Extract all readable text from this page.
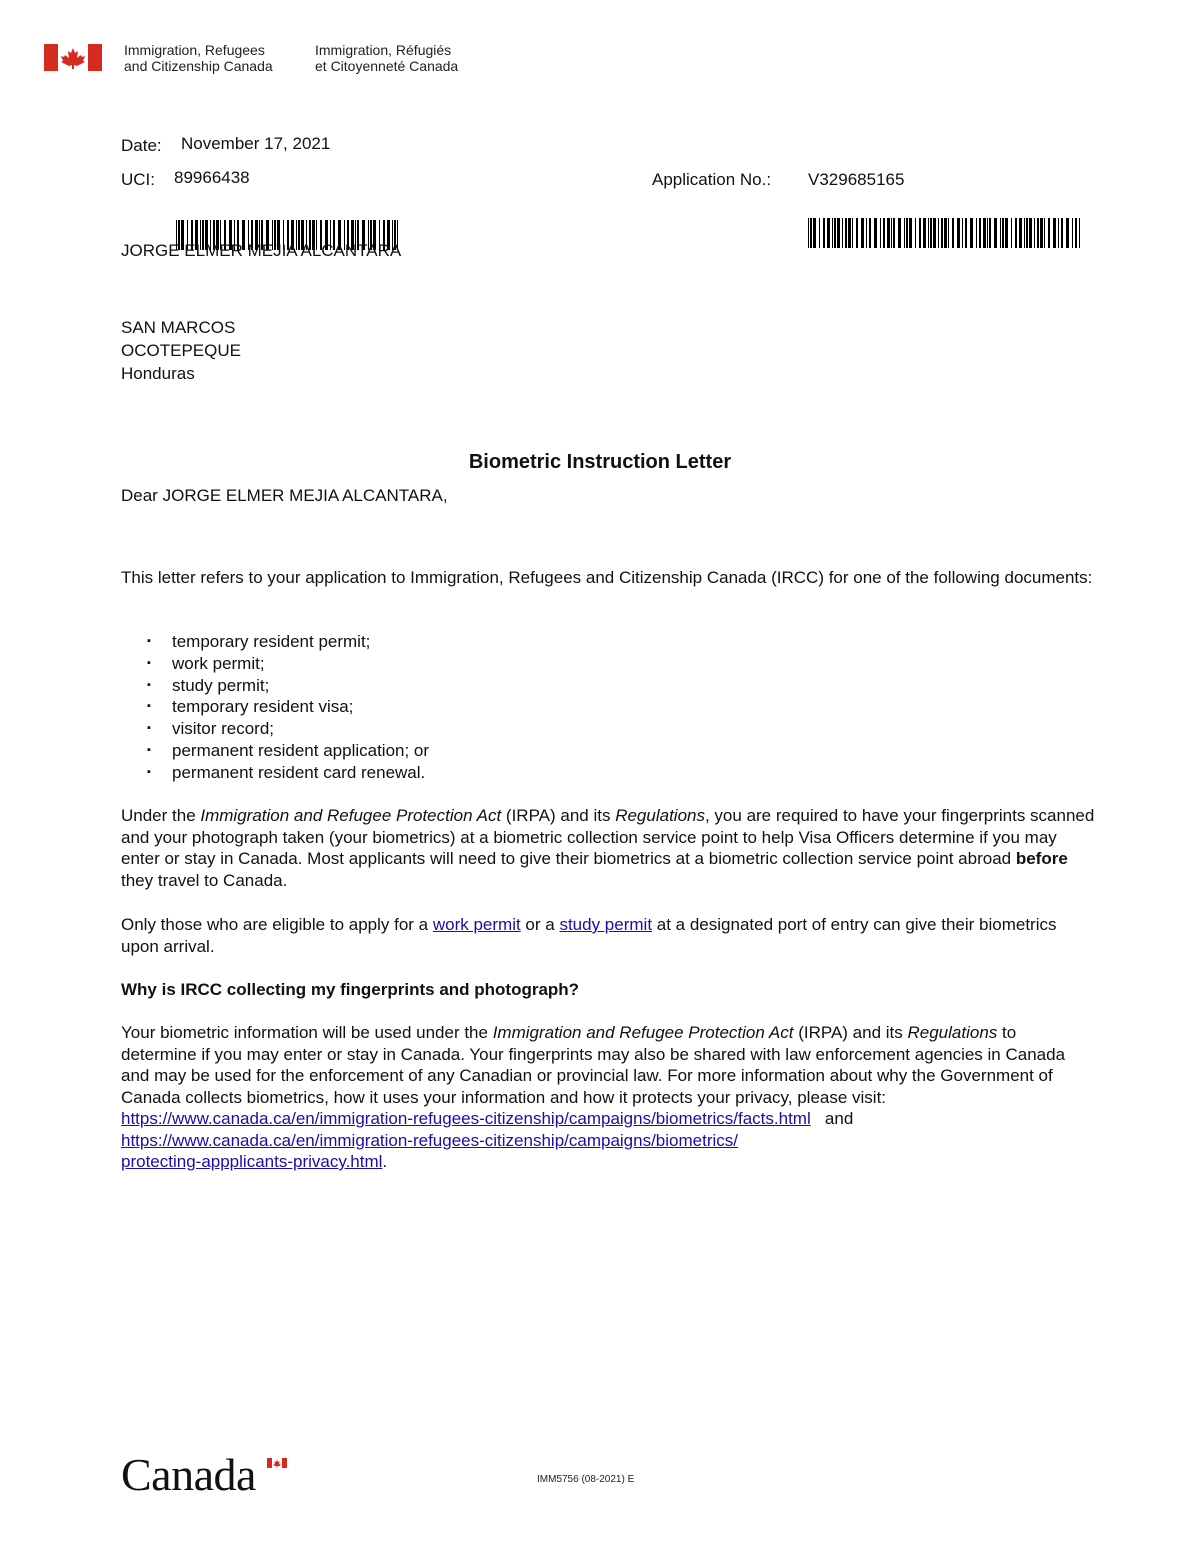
Immigration, Refugees
and Citizenship Canada
Immigration, Réfugiés
et Citoyenneté Canada
Date: November 17, 2021
UCI: 89966438	Application No.: V329685165
JORGE ELMER MEJIA ALCANTARA
SAN MARCOS
OCOTEPEQUE
Honduras
Biometric Instruction Letter
Dear JORGE ELMER MEJIA ALCANTARA,

This letter refers to your application to Immigration, Refugees and Citizenship Canada (IRCC) for one of the following documents:

▪ temporary resident permit;
▪ work permit;
▪ study permit;
▪ temporary resident visa;
▪ visitor record;
▪ permanent resident application; or
▪ permanent resident card renewal.

Under the Immigration and Refugee Protection Act (IRPA) and its Regulations, you are required to have your fingerprints scanned and your photograph taken (your biometrics) at a biometric collection service point to help Visa Officers determine if you may enter or stay in Canada. Most applicants will need to give their biometrics at a biometric collection service point abroad before they travel to Canada.

Only those who are eligible to apply for a work permit or a study permit at a designated port of entry can give their biometrics upon arrival.

Why is IRCC collecting my fingerprints and photograph?

Your biometric information will be used under the Immigration and Refugee Protection Act (IRPA) and its Regulations to determine if you may enter or stay in Canada. Your fingerprints may also be shared with law enforcement agencies in Canada and may be used for the enforcement of any Canadian or provincial law. For more information about why the Government of Canada collects biometrics, how it uses your information and how it protects your privacy, please visit:
https://www.canada.ca/en/immigration-refugees-citizenship/campaigns/biometrics/facts.html   and
https://www.canada.ca/en/immigration-refugees-citizenship/campaigns/biometrics/
protecting-appplicants-privacy.html.

Canada	IMM5756 (08-2021) E
